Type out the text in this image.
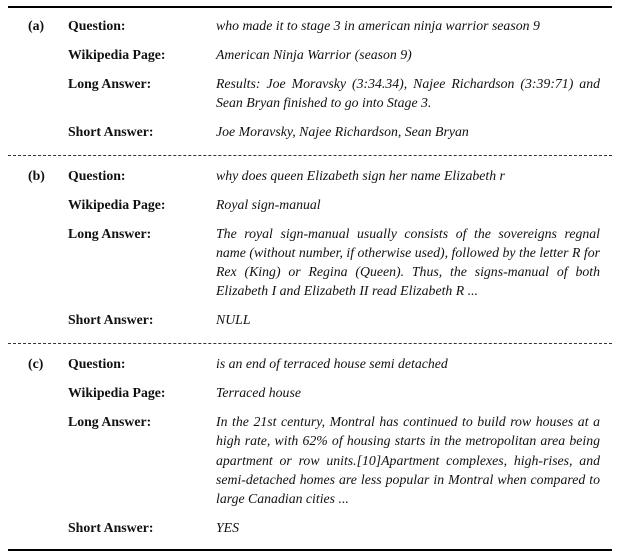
(a)	Question:	who made it to stage 3 in american ninja warrior season 9
Wikipedia Page:	American Ninja Warrior (season 9)
Long Answer:	Results: Joe Moravsky (3:34.34), Najee Richardson (3:39:71) and Sean Bryan finished to go into Stage 3.
Short Answer:	Joe Moravsky, Najee Richardson, Sean Bryan
(b)	Question:	why does queen Elizabeth sign her name Elizabeth r
Wikipedia Page:	Royal sign-manual
Long Answer:	The royal sign-manual usually consists of the sovereigns regnal name (without number, if otherwise used), followed by the letter R for Rex (King) or Regina (Queen). Thus, the signs-manual of both Elizabeth I and Elizabeth II read Elizabeth R ...
Short Answer:	NULL
(c)	Question:	is an end of terraced house semi detached
Wikipedia Page:	Terraced house
Long Answer:	In the 21st century, Montral has continued to build row houses at a high rate, with 62% of housing starts in the metropolitan area being apartment or row units.[10]Apartment complexes, high-rises, and semi-detached homes are less popular in Montral when compared to large Canadian cities ...
Short Answer:	YES
